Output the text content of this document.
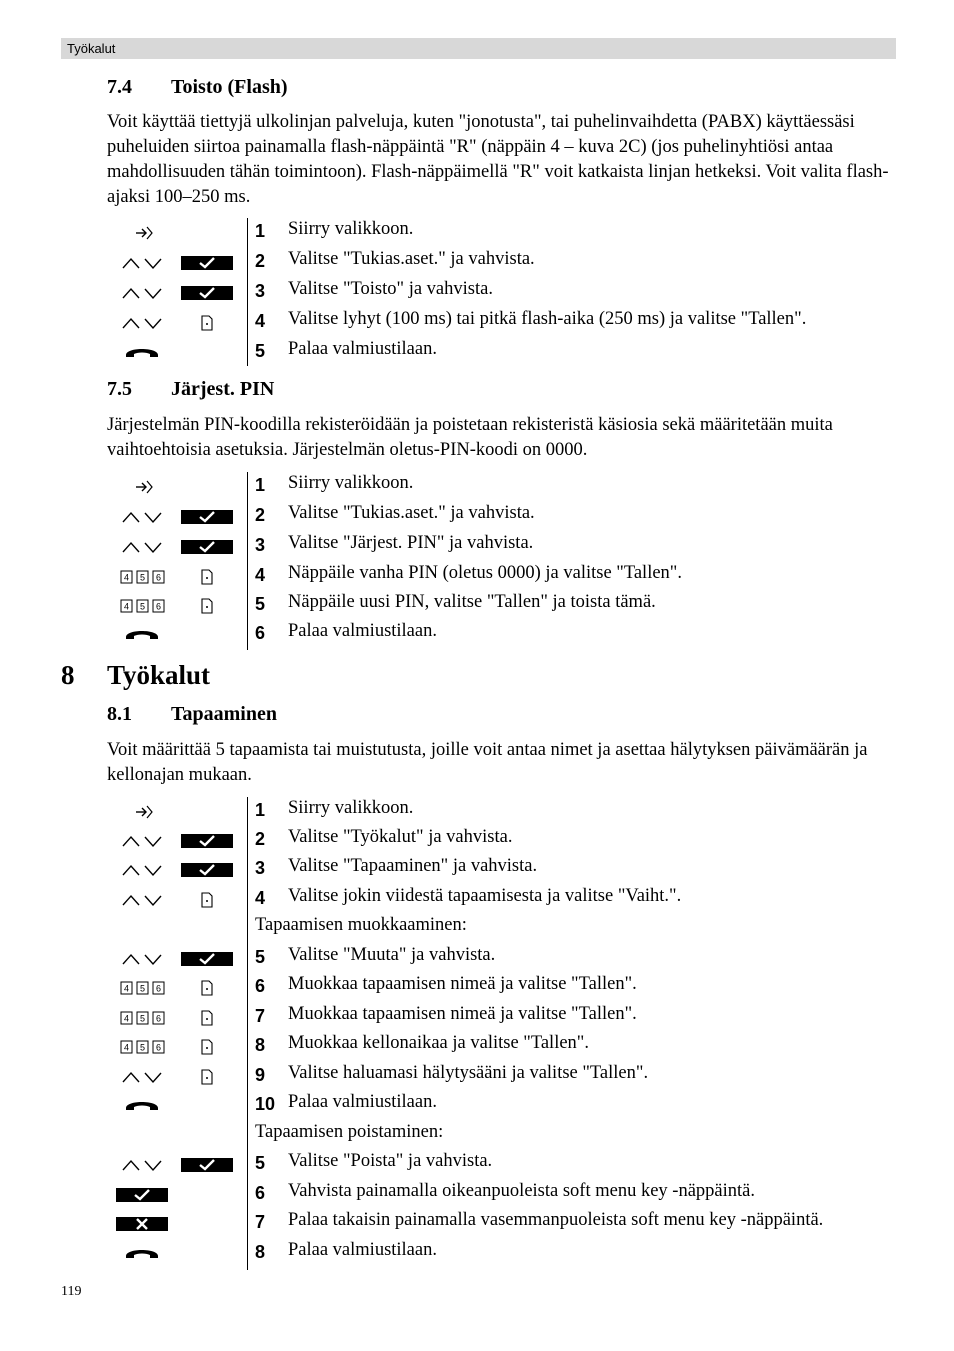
Työkalut
7.4 Toisto (Flash)

Voit käyttää tiettyjä ulkolinjan palveluja, kuten "jonotusta", tai puhelinvaihdetta (PABX) käyttäessäsi puheluiden siirtoa painamalla flash-näppäintä "R" (näppäin 4 – kuva 2C) (jos puhelinyhtiösi antaa mahdollisuuden tähän toimintoon). Flash-näppäimellä "R" voit katkaista linjan hetkeksi. Voit valita flash-ajaksi 100–250 ms.

1 Siirry valikkoon.
2 Valitse "Tukias.aset." ja vahvista.
3 Valitse "Toisto" ja vahvista.
4 Valitse lyhyt (100 ms) tai pitkä flash-aika (250 ms) ja valitse "Tallen".
5 Palaa valmiustilaan.
7.5 Järjest. PIN

Järjestelmän PIN-koodilla rekisteröidään ja poistetaan rekisteristä käsiosia sekä määritetään muita vaihtoehtoisia asetuksia. Järjestelmän oletus-PIN-koodi on 0000.

1 Siirry valikkoon.
2 Valitse "Tukias.aset." ja vahvista.
3 Valitse "Järjest. PIN" ja vahvista.
4 5 6	4 Näppäile vanha PIN (oletus 0000) ja valitse "Tallen".
4 5 6	5 Näppäile uusi PIN, valitse "Tallen" ja toista tämä.
6 Palaa valmiustilaan.
8 Työkalut
8.1 Tapaaminen

Voit määrittää 5 tapaamista tai muistutusta, joille voit antaa nimet ja asettaa hälytyksen päivämäärän ja kellonajan mukaan.

1 Siirry valikkoon.
2 Valitse "Työkalut" ja vahvista.
3 Valitse "Tapaaminen" ja vahvista.
4 Valitse jokin viidestä tapaamisesta ja valitse "Vaiht.".
Tapaamisen muokkaaminen:
5 Valitse "Muuta" ja vahvista.
4 5 6	6 Muokkaa tapaamisen nimeä ja valitse "Tallen".
4 5 6	7 Muokkaa tapaamisen nimeä ja valitse "Tallen".
4 5 6	8 Muokkaa kellonaikaa ja valitse "Tallen".
9 Valitse haluamasi hälytysääni ja valitse "Tallen".
10 Palaa valmiustilaan.
Tapaamisen poistaminen:
5 Valitse "Poista" ja vahvista.
6 Vahvista painamalla oikeanpuoleista soft menu key -näppäintä.
7 Palaa takaisin painamalla vasemmanpuoleista soft menu key -näppäintä.
8 Palaa valmiustilaan.
119
